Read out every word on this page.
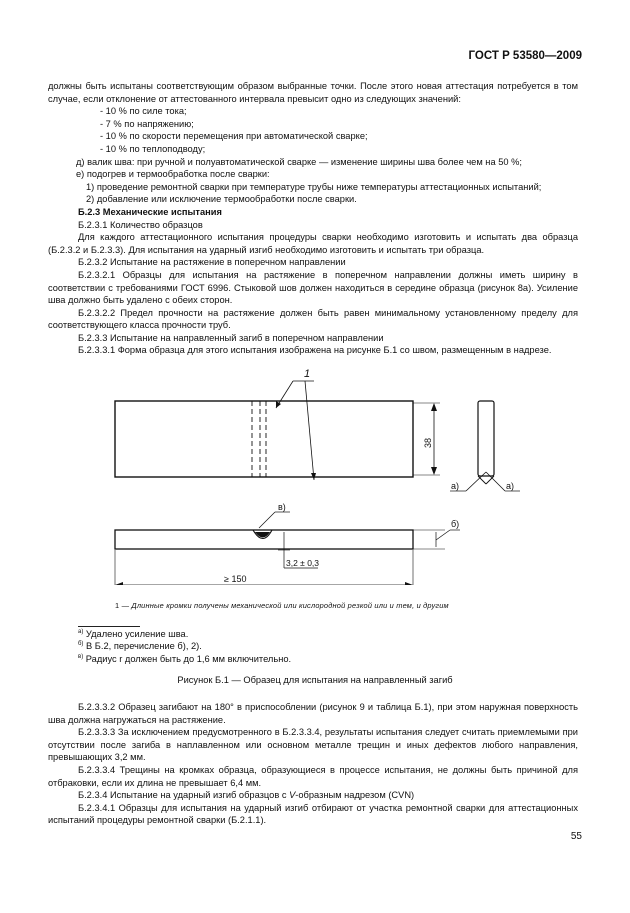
ГОСТ Р 53580—2009

должны быть испытаны соответствующим образом выбранные точки. После этого новая аттестация потребуется в том случае, если отклонение от аттестованного интервала превысит одно из следующих значений:

- 10 % по силе тока;

- 7 % по напряжению;

- 10 % по скорости перемещения при автоматической сварке;

- 10 % по теплоподводу;

д) валик шва: при ручной и полуавтоматической сварке — изменение ширины шва более чем на 50 %;

е) подогрев и термообработка после сварки:

1) проведение ремонтной сварки при температуре трубы ниже температуры аттестационных испытаний;

2) добавление или исключение термообработки после сварки.

Б.2.3 Механические испытания

Б.2.3.1 Количество образцов

Для каждого аттестационного испытания процедуры сварки необходимо изготовить и испытать два образца (Б.2.3.2 и Б.2.3.3). Для испытания на ударный изгиб необходимо изготовить и испытать три образца.

Б.2.3.2 Испытание на растяжение в поперечном направлении

Б.2.3.2.1 Образцы для испытания на растяжение в поперечном направлении должны иметь ширину в соответствии с требованиями ГОСТ 6996. Стыковой шов должен находиться в середине образца (рисунок 8а). Усиление шва должно быть удалено с обеих сторон.

Б.2.3.2.2 Предел прочности на растяжение должен быть равен минимальному установленному пределу для соответствующего класса прочности труб.

Б.2.3.3 Испытание на направленный загиб в поперечном направлении

Б.2.3.3.1 Форма образца для этого испытания изображена на рисунке Б.1 со швом, размещенным в надрезе.

1
38
а)	а)
в)
б)
3,2 ± 0,3
≥ 150
1 — Длинные кромки получены механической или кислородной резкой или и тем, и другим
$^{а)}$ Удалено усиление шва.
$^{б)}$ В Б.2, перечисление б), 2).
$^{в)}$ Радиус r должен быть до 1,6 мм включительно.
Рисунок Б.1 — Образец для испытания на направленный загиб

Б.2.3.3.2 Образец загибают на 180° в приспособлении (рисунок 9 и таблица Б.1), при этом наружная поверхность шва должна нагружаться на растяжение.

Б.2.3.3.3 За исключением предусмотренного в Б.2.3.3.4, результаты испытания следует считать приемлемыми при отсутствии после загиба в наплавленном или основном металле трещин и иных дефектов любого направления, превышающих 3,2 мм.

Б.2.3.3.4 Трещины на кромках образца, образующиеся в процессе испытания, не должны быть причиной для отбраковки, если их длина не превышает 6,4 мм.

Б.2.3.4 Испытание на ударный изгиб образцов с V-образным надрезом (CVN)

Б.2.3.4.1 Образцы для испытания на ударный изгиб отбирают от участка ремонтной сварки для аттестационных испытаний процедуры ремонтной сварки (Б.2.1.1).

55
